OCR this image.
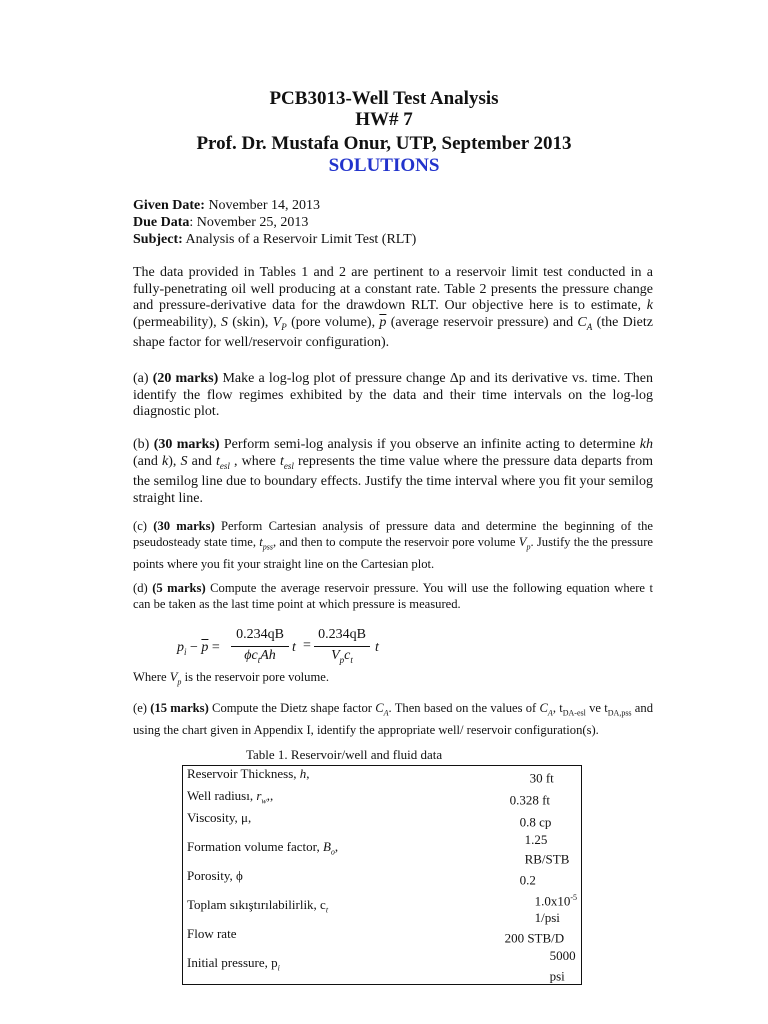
PCB3013-Well Test Analysis
HW# 7
Prof. Dr. Mustafa Onur, UTP, September 2013
SOLUTIONS
Given Date: November 14, 2013
Due Data: November 25, 2013
Subject: Analysis of a Reservoir Limit Test (RLT)
The data provided in Tables 1 and 2 are pertinent to a reservoir limit test conducted in a fully-penetrating oil well producing at a constant rate. Table 2 presents the pressure change and pressure-derivative data for the drawdown RLT. Our objective here is to estimate, k (permeability), S (skin), $V_P$ (pore volume), $\overline{p}$ (average reservoir pressure) and $C_A$ (the Dietz shape factor for well/reservoir configuration).
(a) (20 marks) Make a log-log plot of pressure change Δp and its derivative vs. time. Then identify the flow regimes exhibited by the data and their time intervals on the log-log diagnostic plot.
(b) (30 marks) Perform semi-log analysis if you observe an infinite acting to determine kh (and k), S and $t_{esl}$ , where $t_{esl}$ represents the time value where the pressure data departs from the semilog line due to boundary effects. Justify the time interval where you fit your semilog straight line.
(c) (30 marks) Perform Cartesian analysis of pressure data and determine the beginning of the pseudosteady state time, $t_{pss}$, and then to compute the reservoir pore volume $V_p$. Justify the the pressure points where you fit your straight line on the Cartesian plot.
(d) (5 marks) Compute the average reservoir pressure. You will use the following equation where t can be taken as the last time point at which pressure is measured.
$p_i - \overline{p}$ =
0.234qB
$\phi c_tAh$
t =
0.234qB
$V_pc_t$
t
Where $V_p$ is the reservoir pore volume.
(e) (15 marks) Compute the Dietz shape factor $C_A$. Then based on the values of $C_A$, $t_{DA-esl}$ ve $t_{DA,pss}$ and using the chart given in Appendix I, identify the appropriate well/ reservoir configuration(s).
Table 1. Reservoir/well and fluid data
Reservoir Thickness, h,	30 ft
Well radiusı, $r_w$,,	0.328 ft
Viscosity, μ,	0.8 cp
Formation volume factor, $B_o$,	1.25 RB/STB
Porosity, ϕ	0.2
Toplam sıkıştırılabilirlik, $c_t$	$1.0x10^{-5}$ 1/psi
Flow rate	200 STB/D
Initial pressure, $p_i$	5000 psi
